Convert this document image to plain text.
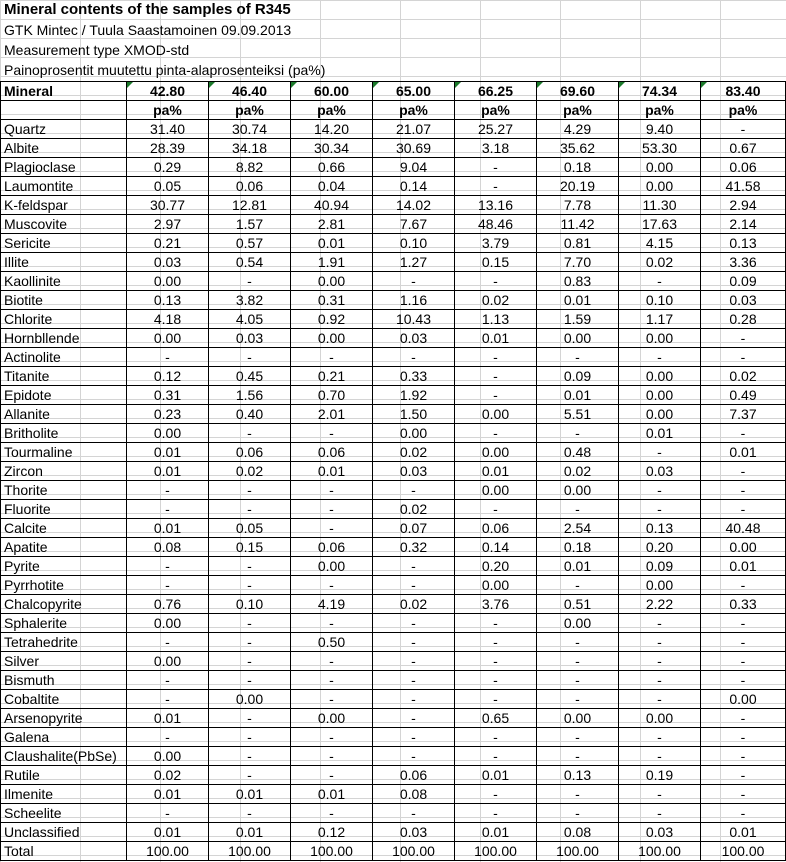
Mineral contents of the samples of R345
GTK Mintec / Tuula Saastamoinen 09.09.2013
Measurement type XMOD-std
Painoprosentit muutettu pinta-alaprosenteiksi (pa%)
Mineral	42.80	46.40	60.00	65.00	66.25	69.60	74.34	83.40
	pa%	pa%	pa%	pa%	pa%	pa%	pa%	pa%
Quartz	31.40	30.74	14.20	21.07	25.27	4.29	9.40	-
Albite	28.39	34.18	30.34	30.69	3.18	35.62	53.30	0.67
Plagioclase	0.29	8.82	0.66	9.04	-	0.18	0.00	0.06
Laumontite	0.05	0.06	0.04	0.14	-	20.19	0.00	41.58
K-feldspar	30.77	12.81	40.94	14.02	13.16	7.78	11.30	2.94
Muscovite	2.97	1.57	2.81	7.67	48.46	11.42	17.63	2.14
Sericite	0.21	0.57	0.01	0.10	3.79	0.81	4.15	0.13
Illite	0.03	0.54	1.91	1.27	0.15	7.70	0.02	3.36
Kaollinite	0.00	-	0.00	-	-	0.83	-	0.09
Biotite	0.13	3.82	0.31	1.16	0.02	0.01	0.10	0.03
Chlorite	4.18	4.05	0.92	10.43	1.13	1.59	1.17	0.28
Hornbllende	0.00	0.03	0.00	0.03	0.01	0.00	0.00	-
Actinolite	-	-	-	-	-	-	-	-
Titanite	0.12	0.45	0.21	0.33	-	0.09	0.00	0.02
Epidote	0.31	1.56	0.70	1.92	-	0.01	0.00	0.49
Allanite	0.23	0.40	2.01	1.50	0.00	5.51	0.00	7.37
Britholite	0.00	-	-	0.00	-	-	0.01	-
Tourmaline	0.01	0.06	0.06	0.02	0.00	0.48	-	0.01
Zircon	0.01	0.02	0.01	0.03	0.01	0.02	0.03	-
Thorite	-	-	-	-	0.00	0.00	-	-
Fluorite	-	-	-	0.02	-	-	-	-
Calcite	0.01	0.05	-	0.07	0.06	2.54	0.13	40.48
Apatite	0.08	0.15	0.06	0.32	0.14	0.18	0.20	0.00
Pyrite	-	-	0.00	-	0.20	0.01	0.09	0.01
Pyrrhotite	-	-	-	-	0.00	-	0.00	-
Chalcopyrite	0.76	0.10	4.19	0.02	3.76	0.51	2.22	0.33
Sphalerite	0.00	-	-	-	-	0.00	-	-
Tetrahedrite	-	-	0.50	-	-	-	-	-
Silver	0.00	-	-	-	-	-	-	-
Bismuth	-	-	-	-	-	-	-	-
Cobaltite	-	0.00	-	-	-	-	-	0.00
Arsenopyrite	0.01	-	0.00	-	0.65	0.00	0.00	-
Galena	-	-	-	-	-	-	-	-
Claushalite(PbSe)	0.00	-	-	-	-	-	-	-
Rutile	0.02	-	-	0.06	0.01	0.13	0.19	-
Ilmenite	0.01	0.01	0.01	0.08	-	-	-	-
Scheelite	-	-	-	-	-	-	-	-
Unclassified	0.01	0.01	0.12	0.03	0.01	0.08	0.03	0.01
Total	100.00	100.00	100.00	100.00	100.00	100.00	100.00	100.00
